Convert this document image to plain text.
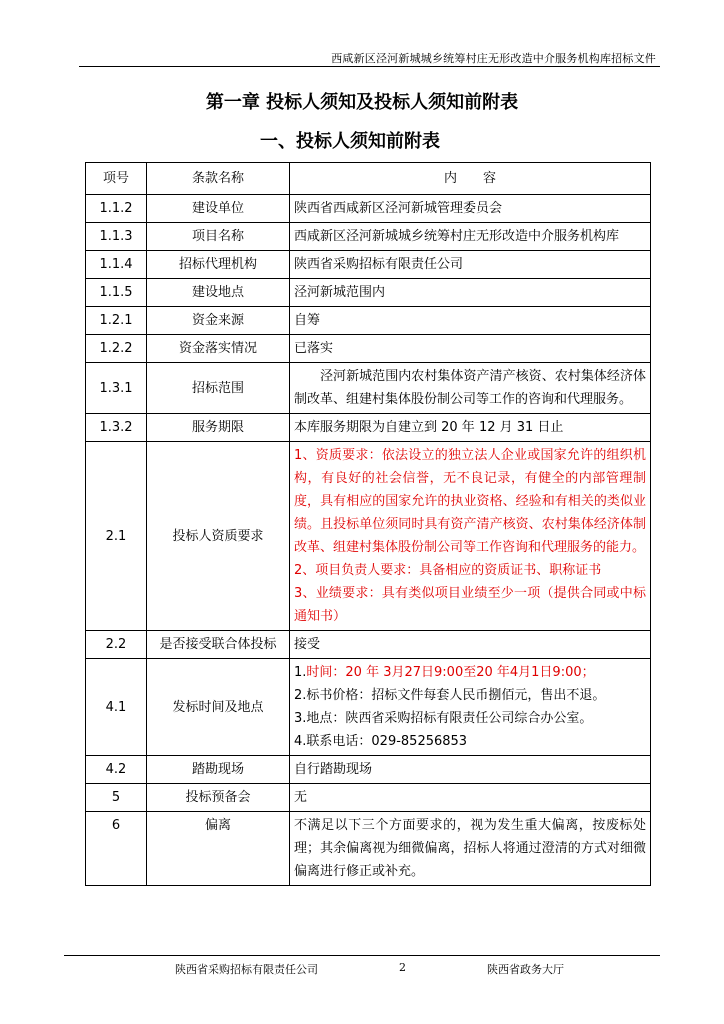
西咸新区泾河新城城乡统筹村庄无形改造中介服务机构库招标文件
第一章 投标人须知及投标人须知前附表
一、投标人须知前附表
项号	条款名称	内　　容
1.1.2	建设单位	陕西省西咸新区泾河新城管理委员会
1.1.3	项目名称	西咸新区泾河新城城乡统筹村庄无形改造中介服务机构库
1.1.4	招标代理机构	陕西省采购招标有限责任公司
1.1.5	建设地点	泾河新城范围内
1.2.1	资金来源	自筹
1.2.2	资金落实情况	已落实
1.3.1	招标范围	泾河新城范围内农村集体资产清产核资、农村集体经济体制改革、组建村集体股份制公司等工作的咨询和代理服务。

1.3.2	服务期限	本库服务期限为自建立到 20 年 12 月 31 日止
2.1	投标人资质要求	1、资质要求：依法设立的独立法人企业或国家允许的组织机构，有良好的社会信誉，无不良记录，有健全的内部管理制度，具有相应的国家允许的执业资格、经验和有相关的类似业绩。且投标单位须同时具有资产清产核资、农村集体经济体制改革、组建村集体股份制公司等工作咨询和代理服务的能力。
2、项目负责人要求：具备相应的资质证书、职称证书
3、业绩要求：具有类似项目业绩至少一项（提供合同或中标通知书）

2.2	是否接受联合体投标	接受
4.1	发标时间及地点	1.时间：20 年 3月27日9:00至20 年4月1日9:00；
2.标书价格：招标文件每套人民币捌佰元，售出不退。
3.地点：陕西省采购招标有限责任公司综合办公室。
4.联系电话：029-85256853

4.2	踏勘现场	自行踏勘现场
5	投标预备会	无
6	偏离	不满足以下三个方面要求的，视为发生重大偏离，按废标处理；其余偏离视为细微偏离，招标人将通过澄清的方式对细微偏离进行修正或补充。
陕西省采购招标有限责任公司	2	陕西省政务大厅
